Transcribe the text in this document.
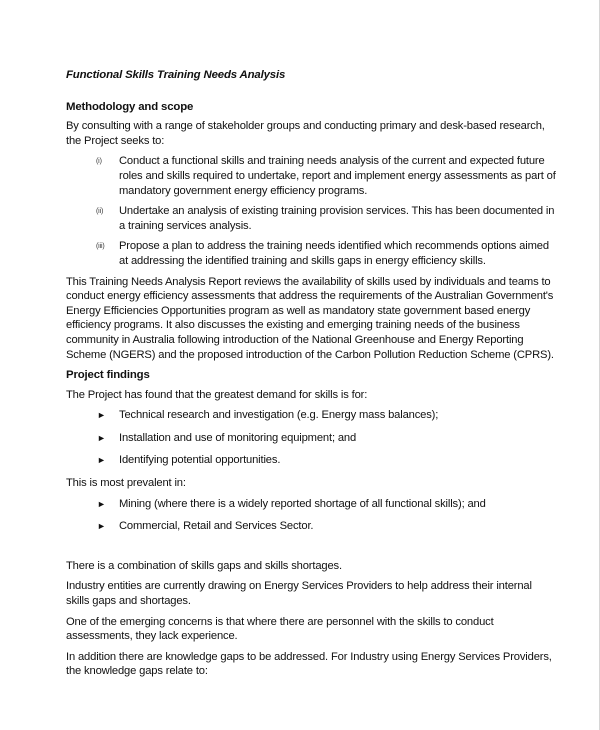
Functional Skills Training Needs Analysis
Methodology and scope

By consulting with a range of stakeholder groups and conducting primary and desk-based research, the Project seeks to:

(i) Conduct a functional skills and training needs analysis of the current and expected future roles and skills required to undertake, report and implement energy assessments as part of mandatory government energy efficiency programs.
(ii) Undertake an analysis of existing training provision services. This has been documented in a training services analysis.
(iii) Propose a plan to address the training needs identified which recommends options aimed at addressing the identified training and skills gaps in energy efficiency skills.

This Training Needs Analysis Report reviews the availability of skills used by individuals and teams to conduct energy efficiency assessments that address the requirements of the Australian Government's Energy Efficiencies Opportunities program as well as mandatory state government based energy efficiency programs. It also discusses the existing and emerging training needs of the business community in Australia following introduction of the National Greenhouse and Energy Reporting Scheme (NGERS) and the proposed introduction of the Carbon Pollution Reduction Scheme (CPRS).

Project findings

The Project has found that the greatest demand for skills is for:

► Technical research and investigation (e.g. Energy mass balances);
► Installation and use of monitoring equipment; and
► Identifying potential opportunities.

This is most prevalent in:

► Mining (where there is a widely reported shortage of all functional skills); and
► Commercial, Retail and Services Sector.

There is a combination of skills gaps and skills shortages.

Industry entities are currently drawing on Energy Services Providers to help address their internal skills gaps and shortages.

One of the emerging concerns is that where there are personnel with the skills to conduct assessments, they lack experience.

In addition there are knowledge gaps to be addressed. For Industry using Energy Services Providers, the knowledge gaps relate to:
